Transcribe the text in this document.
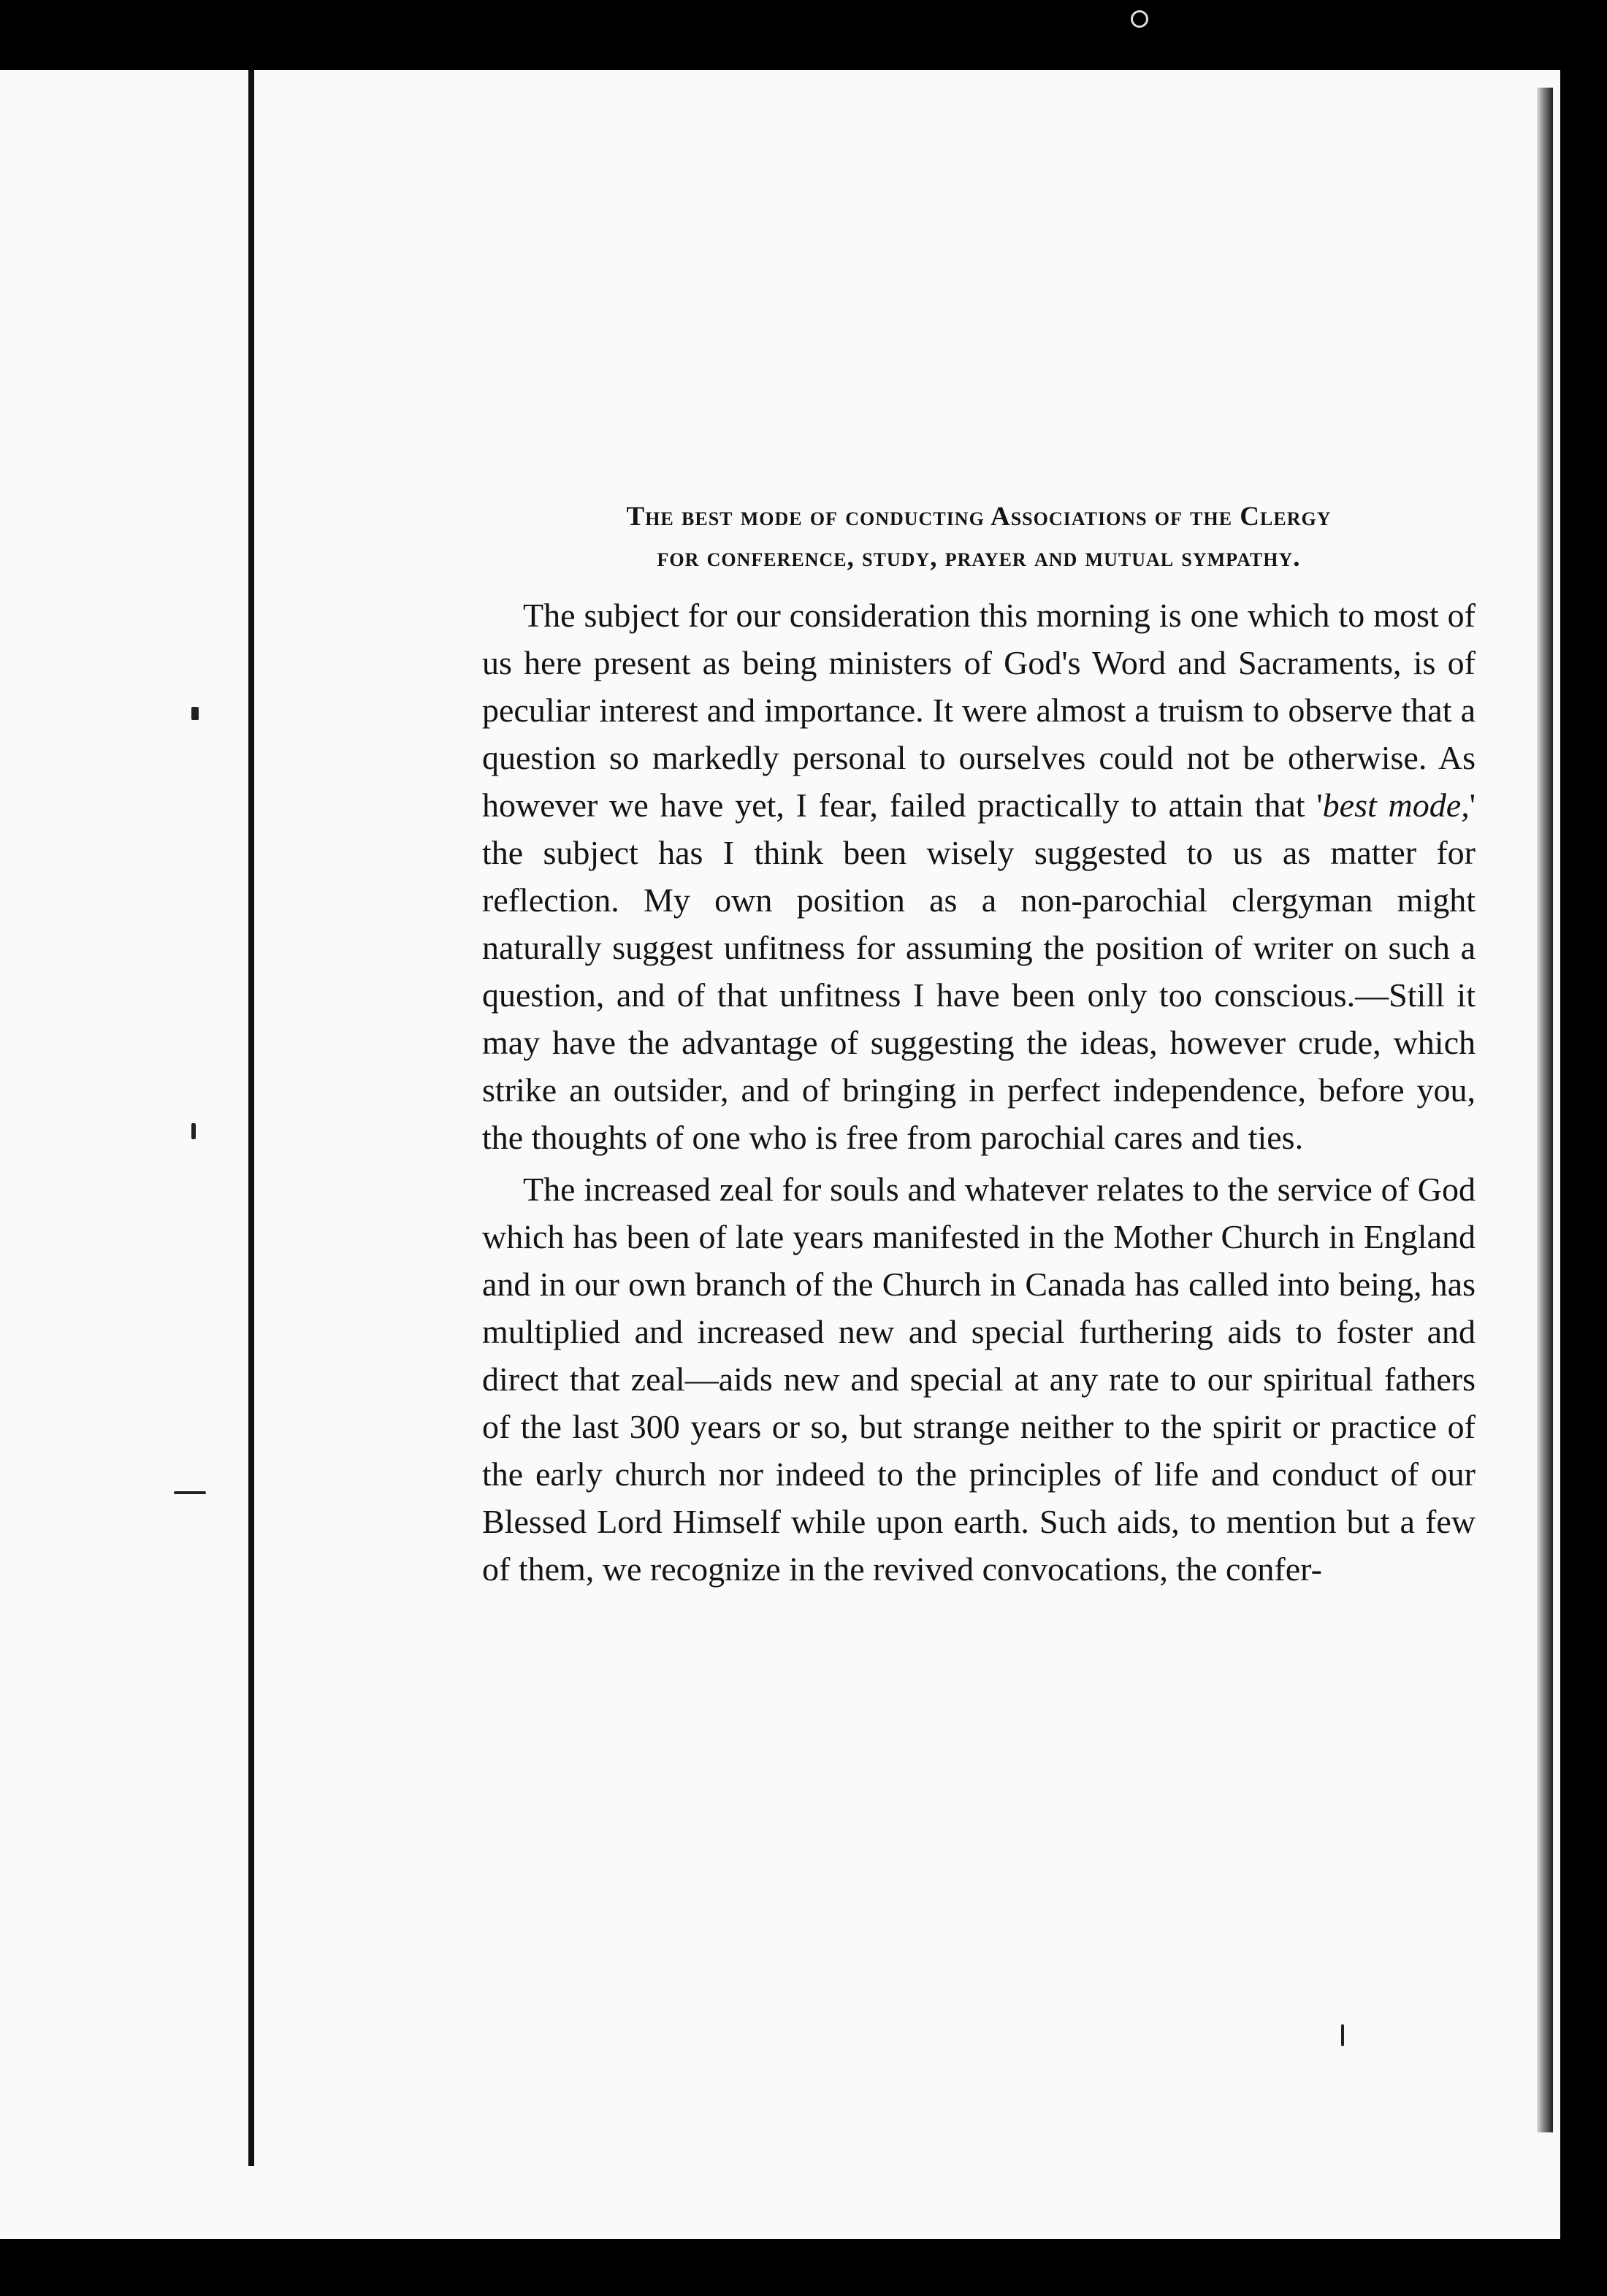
The best mode of conducting Associations of the Clergy
for conference, study, prayer and mutual sympathy.

The subject for our consideration this morning is one which to most of us here present as being ministers of God's Word and Sacraments, is of peculiar interest and importance. It were almost a truism to observe that a question so markedly personal to ourselves could not be otherwise. As however we have yet, I fear, failed practically to attain that 'best mode,' the subject has I think been wisely suggested to us as matter for reflection. My own position as a non-parochial clergyman might naturally suggest unfitness for assuming the position of writer on such a question, and of that unfitness I have been only too conscious.—Still it may have the advantage of suggesting the ideas, however crude, which strike an outsider, and of bringing in perfect independence, before you, the thoughts of one who is free from parochial cares and ties.

The increased zeal for souls and whatever relates to the service of God which has been of late years manifested in the Mother Church in England and in our own branch of the Church in Canada has called into being, has multiplied and increased new and special furthering aids to foster and direct that zeal—aids new and special at any rate to our spiritual fathers of the last 300 years or so, but strange neither to the spirit or practice of the early church nor indeed to the principles of life and conduct of our Blessed Lord Himself while upon earth. Such aids, to mention but a few of them, we recognize in the revived convocations, the confer-
